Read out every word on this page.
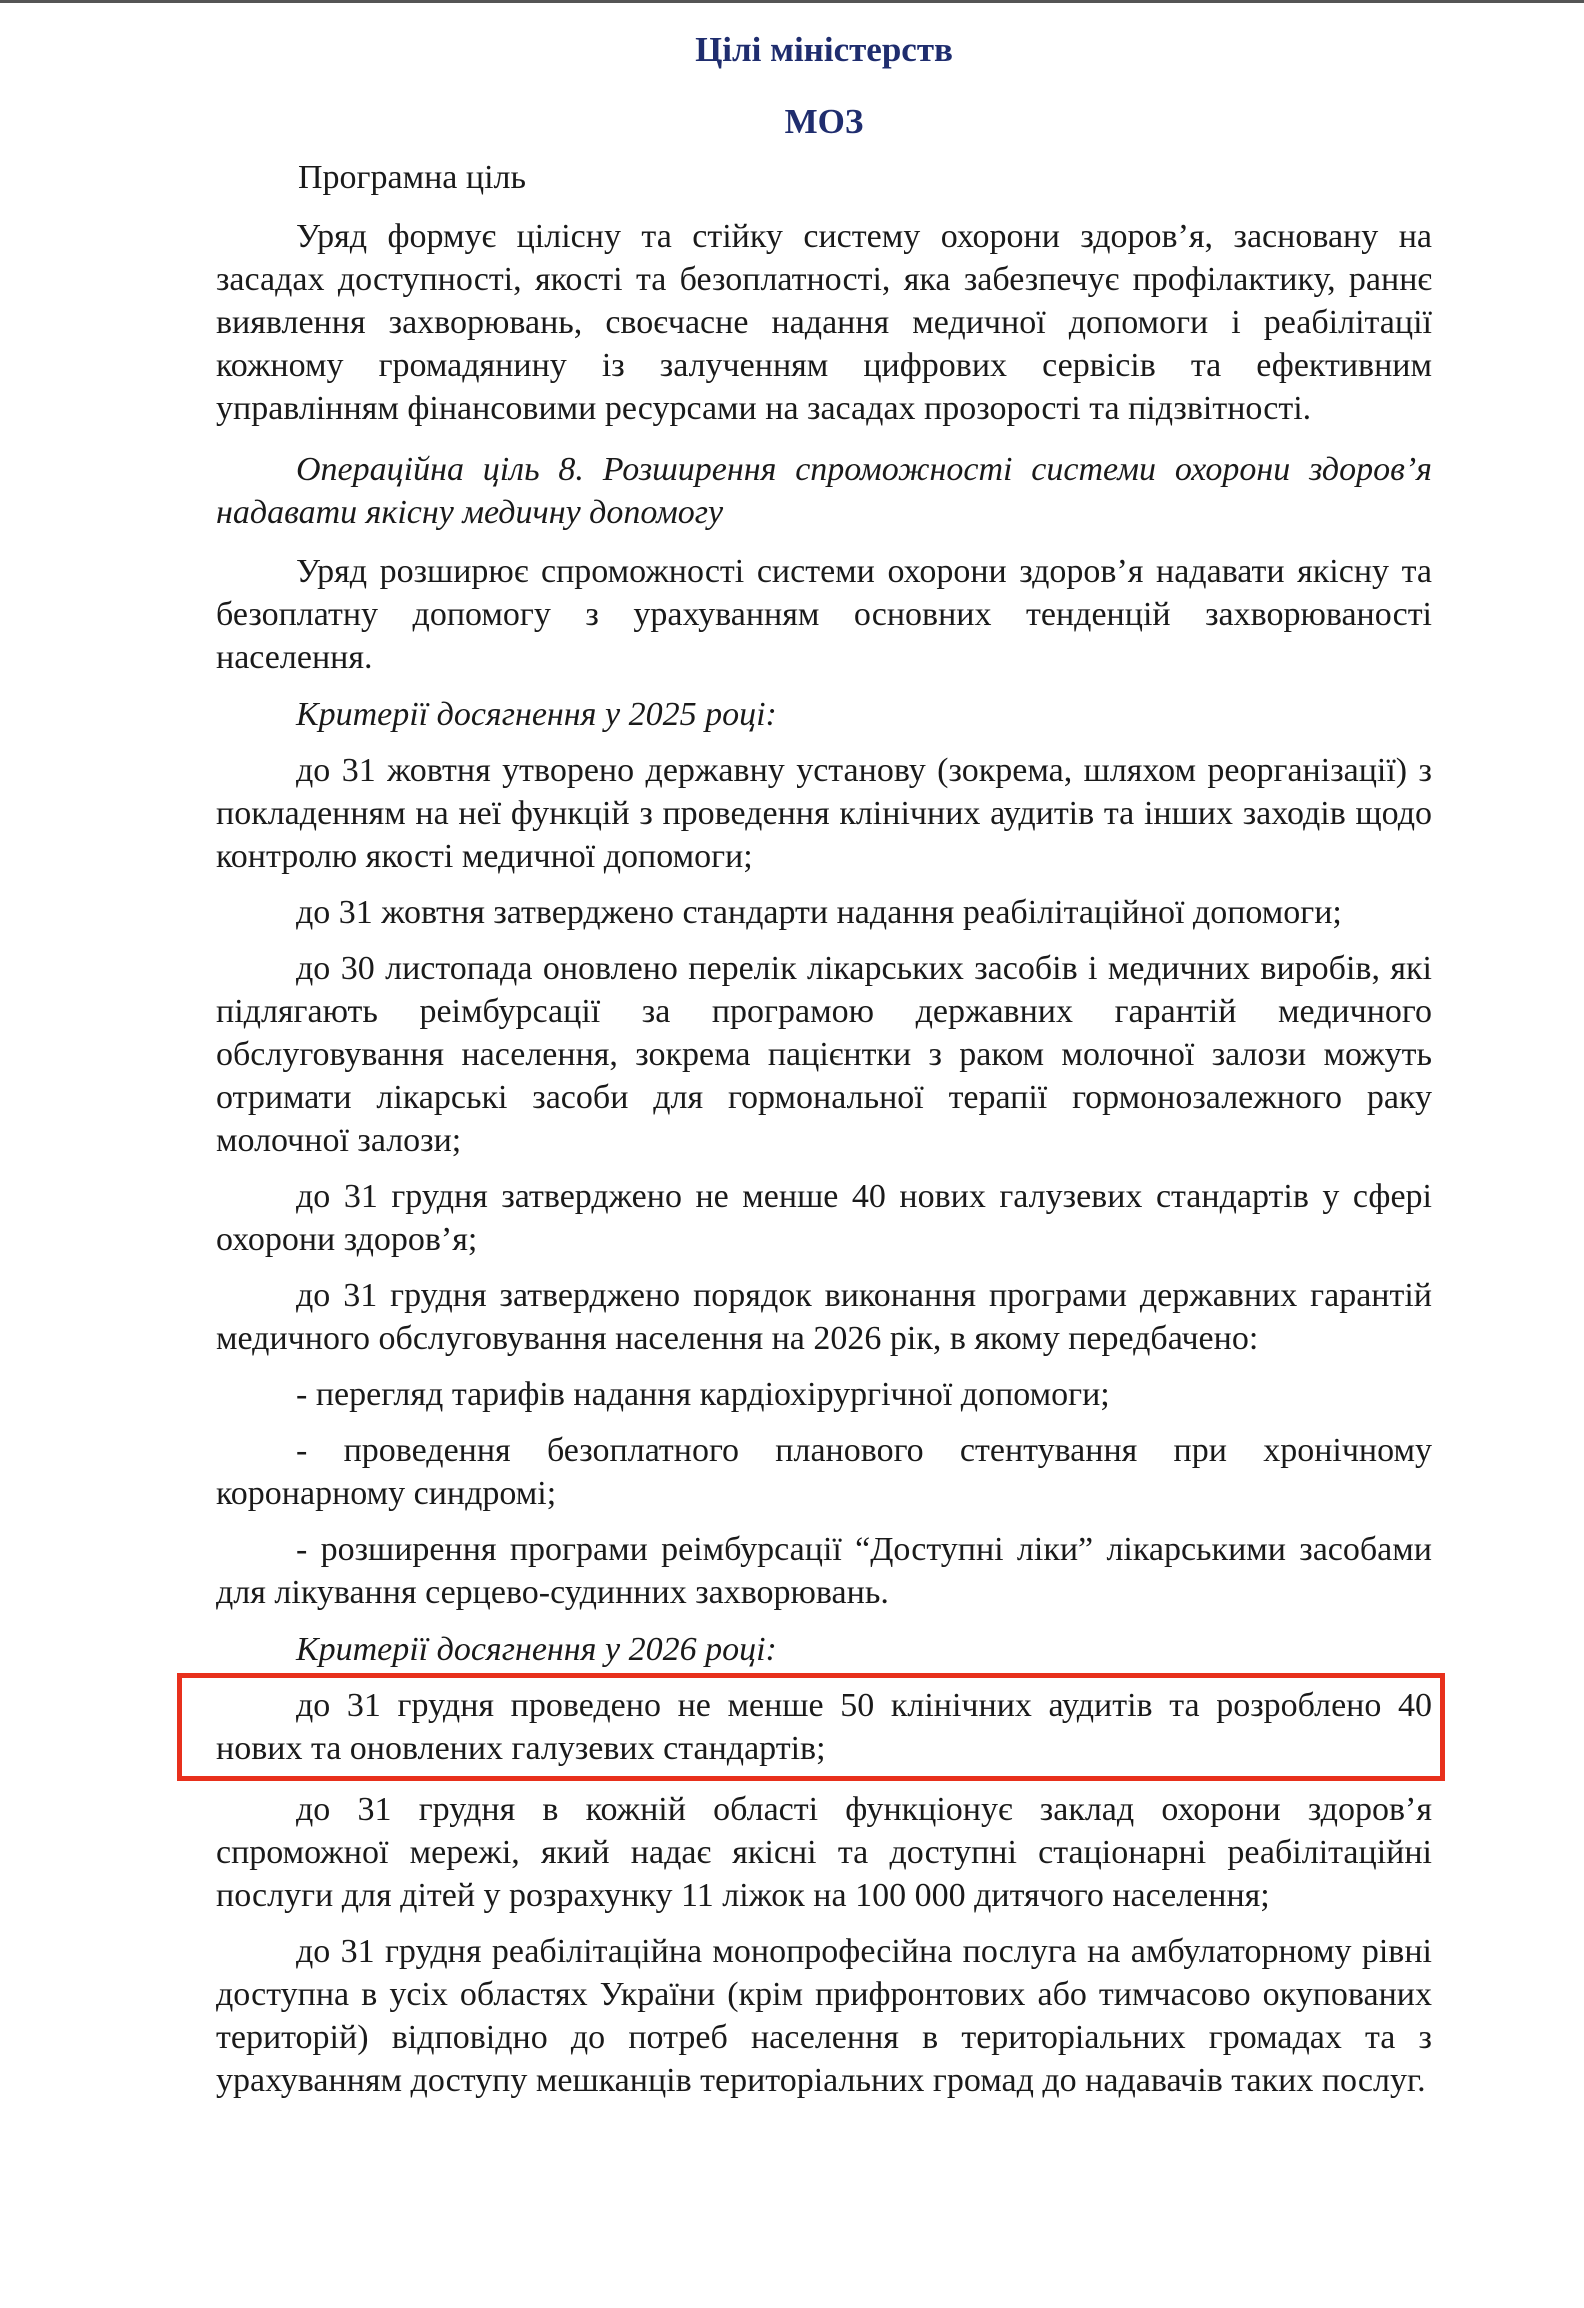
Цілі міністерств

МОЗ

Програмна ціль

Уряд формує цілісну та стійку систему охорони здоров’я, засновану на засадах доступності, якості та безоплатності, яка забезпечує профілактику, раннє виявлення захворювань, своєчасне надання медичної допомоги і реабілітації кожному громадянину із залученням цифрових сервісів та ефективним управлінням фінансовими ресурсами на засадах прозорості та підзвітності.

Операційна ціль 8. Розширення спроможності системи охорони здоров’я надавати якісну медичну допомогу

Уряд розширює спроможності системи охорони здоров’я надавати якісну та безоплатну допомогу з урахуванням основних тенденцій захворюваності населення.

Критерії досягнення у 2025 році:

до 31 жовтня утворено державну установу (зокрема, шляхом реорганізації) з покладенням на неї функцій з проведення клінічних аудитів та інших заходів щодо контролю якості медичної допомоги;

до 31 жовтня затверджено стандарти надання реабілітаційної допомоги;

до 30 листопада оновлено перелік лікарських засобів і медичних виробів, які підлягають реімбурсації за програмою державних гарантій медичного обслуговування населення, зокрема пацієнтки з раком молочної залози можуть отримати лікарські засоби для гормональної терапії гормонозалежного раку молочної залози;

до 31 грудня затверджено не менше 40 нових галузевих стандартів у сфері охорони здоров’я;

до 31 грудня затверджено порядок виконання програми державних гарантій медичного обслуговування населення на 2026 рік, в якому передбачено:

- перегляд тарифів надання кардіохірургічної допомоги;

- проведення безоплатного планового стентування при хронічному коронарному синдромі;

- розширення програми реімбурсації “Доступні ліки” лікарськими засобами для лікування серцево-судинних захворювань.

Критерії досягнення у 2026 році:

до 31 грудня проведено не менше 50 клінічних аудитів та розроблено 40 нових та оновлених галузевих стандартів;

до 31 грудня в кожній області функціонує заклад охорони здоров’я спроможної мережі, який надає якісні та доступні стаціонарні реабілітаційні послуги для дітей у розрахунку 11 ліжок на 100 000 дитячого населення;

до 31 грудня реабілітаційна монопрофесійна послуга на амбулаторному рівні доступна в усіх областях України (крім прифронтових або тимчасово окупованих територій) відповідно до потреб населення в територіальних громадах та з урахуванням доступу мешканців територіальних громад до надавачів таких послуг.
